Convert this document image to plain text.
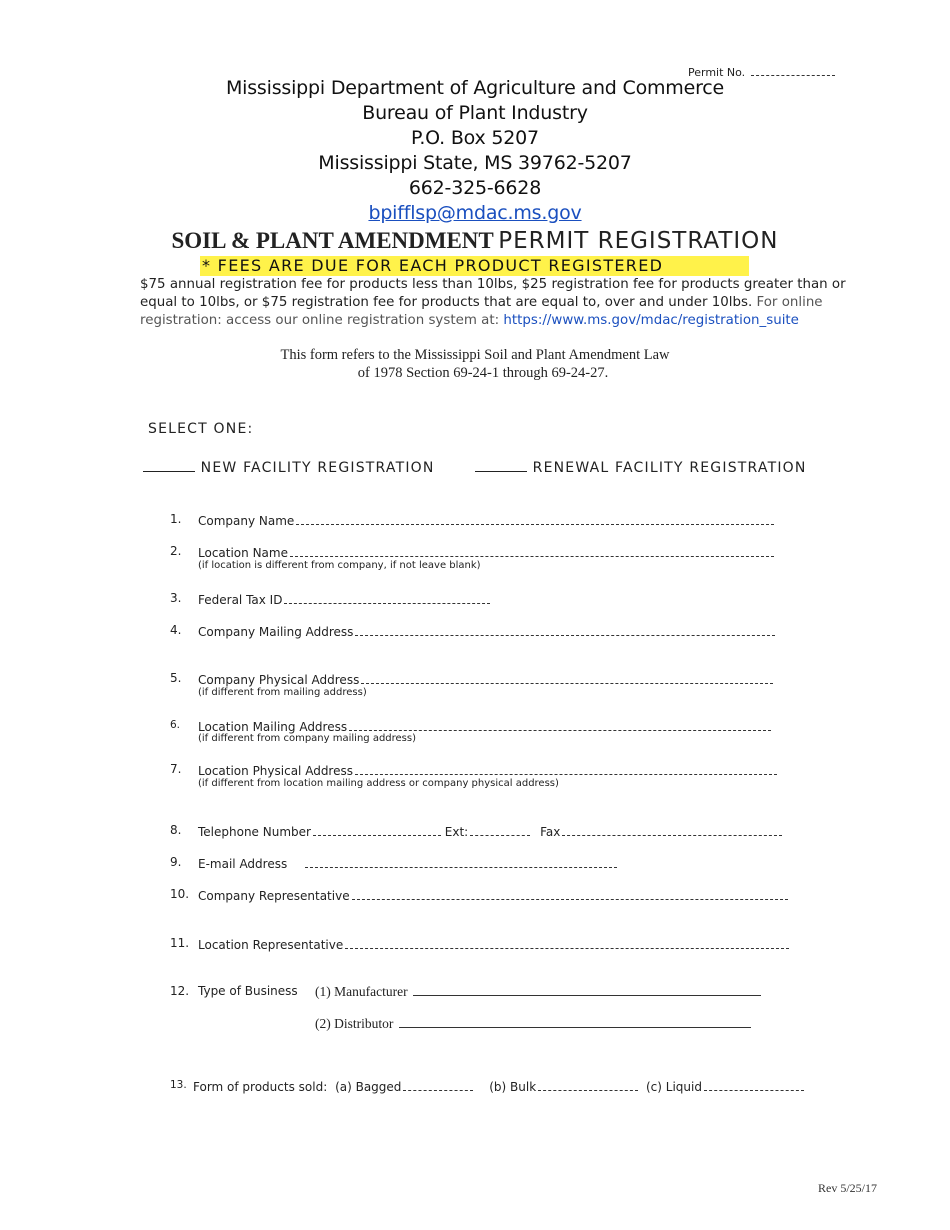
Permit No.
Mississippi Department of Agriculture and Commerce
Bureau of Plant Industry
P.O. Box 5207
Mississippi State, MS 39762-5207
662-325-6628
bpifflsp@mdac.ms.gov
SOIL & PLANT AMENDMENT PERMIT REGISTRATION
* FEES ARE DUE FOR EACH PRODUCT REGISTERED
$75 annual registration fee for products less than 10lbs, $25 registration fee for products greater than or
equal to 10lbs, or $75 registration fee for products that are equal to, over and under 10lbs. For online
registration: access our online registration system at: https://www.ms.gov/mdac/registration_suite
This form refers to the Mississippi Soil and Plant Amendment Law
of 1978 Section 69-24-1 through 69-24-27.
SELECT ONE:
NEW FACILITY REGISTRATION	RENEWAL FACILITY REGISTRATION
1. Company Name
2. Location Name
(if location is different from company, if not leave blank)
3. Federal Tax ID
4. Company Mailing Address
5. Company Physical Address
(if different from mailing address)
6. Location Mailing Address
(if different from company mailing address)
7. Location Physical Address
(if different from location mailing address or company physical address)
8. Telephone Number	Ext:	Fax
9. E-mail Address
10. Company Representative
11. Location Representative
12. Type of Business (1) Manufacturer
(2) Distributor
13. Form of products sold: (a) Bagged	(b) Bulk	(c) Liquid
Rev 5/25/17
